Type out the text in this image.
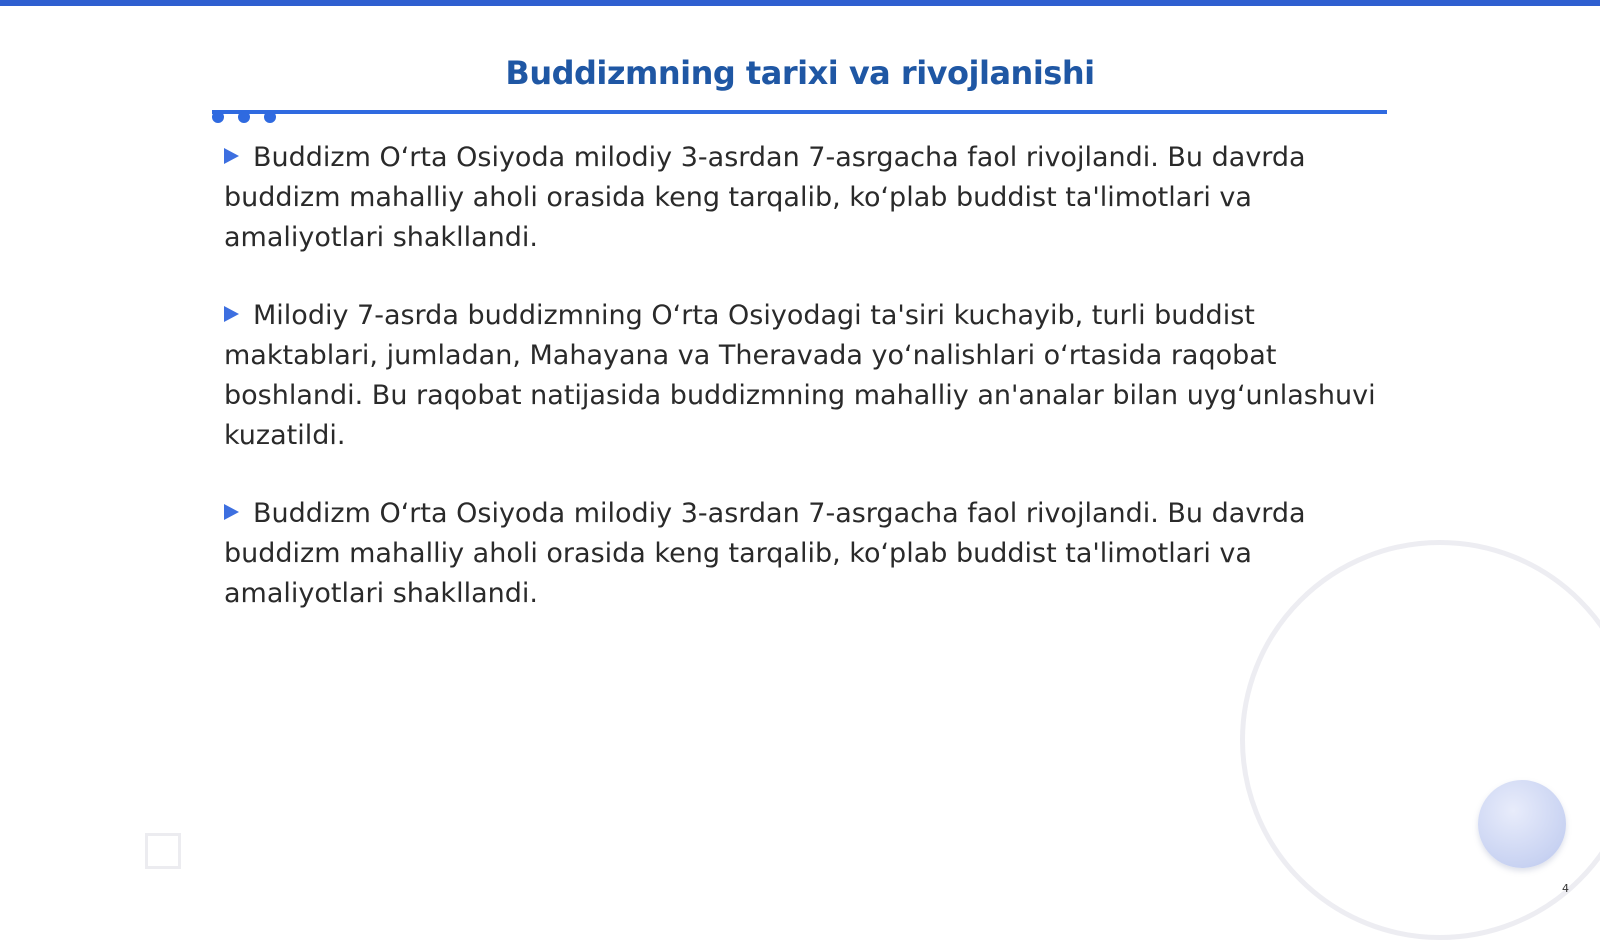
Buddizmning tarixi va rivojlanishi

Buddizm Oʻrta Osiyoda milodiy 3-asrdan 7-asrgacha faol rivojlandi. Bu davrda buddizm mahalliy aholi orasida keng tarqalib, koʻplab buddist ta'limotlari va amaliyotlari shakllandi.

Milodiy 7-asrda buddizmning Oʻrta Osiyodagi ta'siri kuchayib, turli buddist maktablari, jumladan, Mahayana va Theravada yoʻnalishlari oʻrtasida raqobat boshlandi. Bu raqobat natijasida buddizmning mahalliy an'analar bilan uygʻunlashuvi kuzatildi.

Buddizm Oʻrta Osiyoda milodiy 3-asrdan 7-asrgacha faol rivojlandi. Bu davrda buddizm mahalliy aholi orasida keng tarqalib, koʻplab buddist ta'limotlari va amaliyotlari shakllandi.

4
